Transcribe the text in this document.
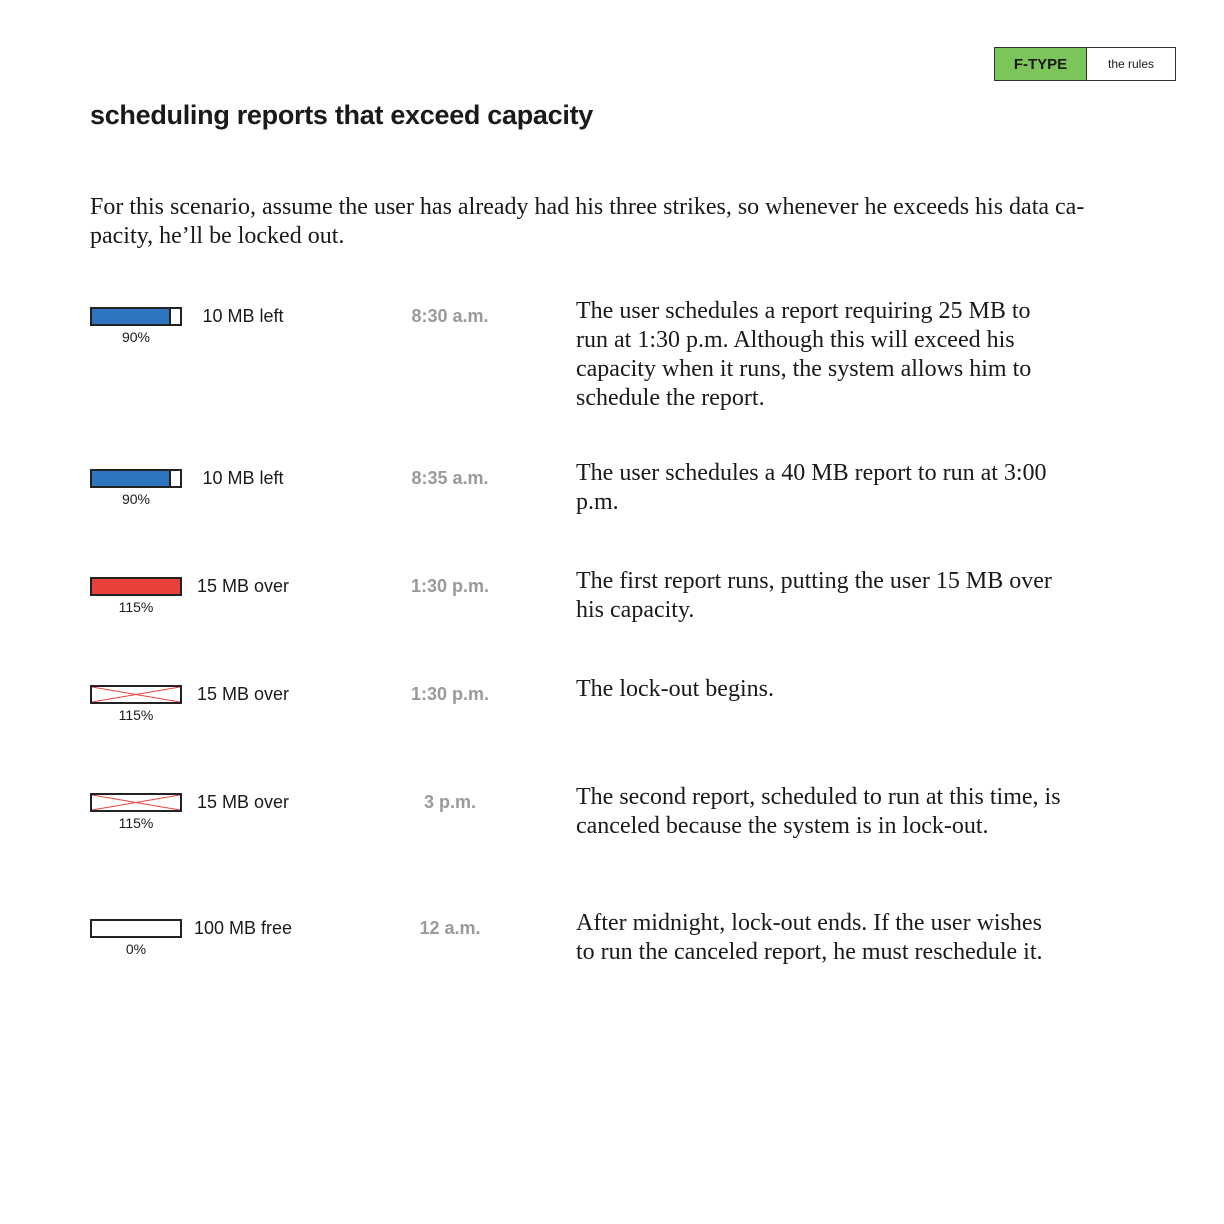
F-TYPE	the rules
scheduling reports that exceed capacity
For this scenario, assume the user has already had his three strikes, so whenever he exceeds his data ca-pacity, he’ll be locked out.
90%
10 MB left	8:30 a.m.	The user schedules a report requiring 25 MB to run at 1:30 p.m. Although this will exceed his capacity when it runs, the system allows him to schedule the report.
90%
10 MB left	8:35 a.m.	The user schedules a 40 MB report to run at 3:00 p.m.
115%
15 MB over	1:30 p.m.	The first report runs, putting the user 15 MB over his capacity.
115%
15 MB over	1:30 p.m.	The lock-out begins.
115%
15 MB over	3 p.m.	The second report, scheduled to run at this time, is canceled because the system is in lock-out.
0%
100 MB free	12 a.m.	After midnight, lock-out ends. If the user wishes to run the canceled report, he must reschedule it.
